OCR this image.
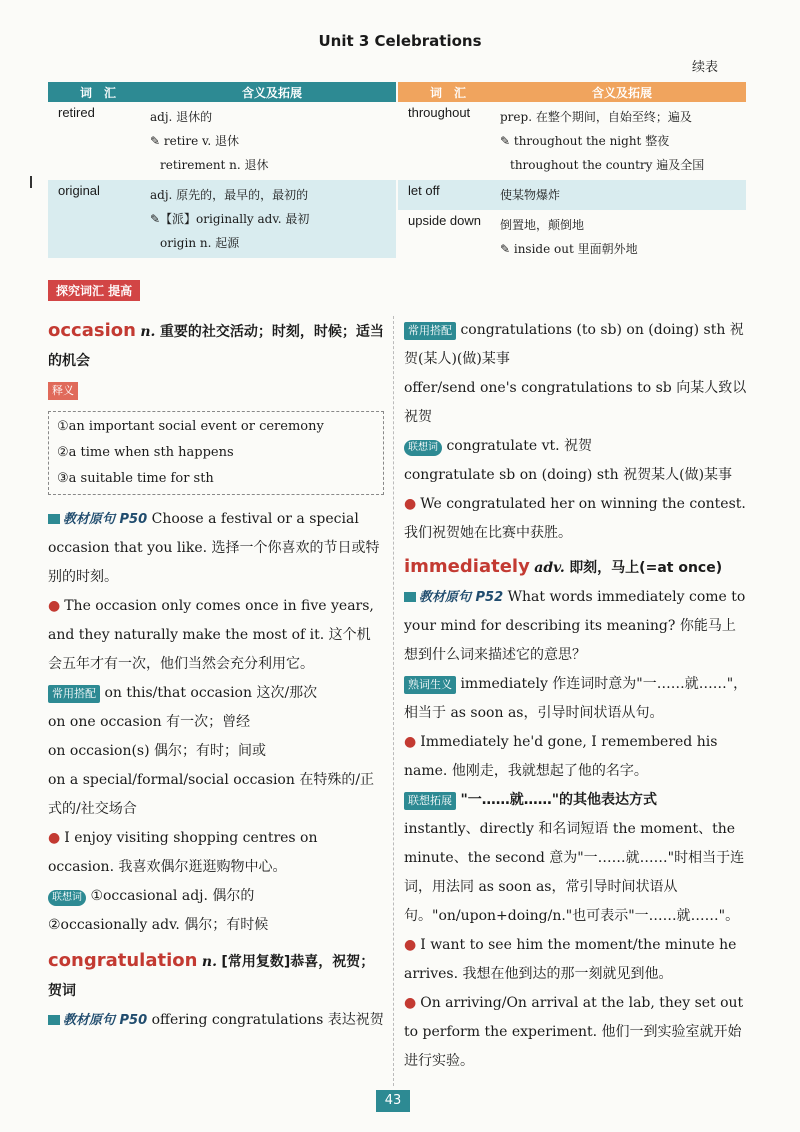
Unit 3 Celebrations
续表
词　汇	含义及拓展
retired	adj. 退休的
✎ retire v. 退休
retirement n. 退休
original	adj. 原先的，最早的，最初的
✎【派】originally adv. 最初
origin n. 起源
词　汇	含义及拓展
throughout	prep. 在整个期间，自始至终；遍及
✎ throughout the night 整夜
throughout the country 遍及全国
let off	使某物爆炸
upside down	倒置地，颠倒地
✎ inside out 里面朝外地
探究词汇 提高
occasion n. 重要的社交活动；时刻，时候；适当的机会
释义
①an important social event or ceremony
②a time when sth happens
③a suitable time for sth
教材原句 P50 Choose a festival or a special occasion that you like. 选择一个你喜欢的节日或特别的时刻。
● The occasion only comes once in five years, and they naturally make the most of it. 这个机会五年才有一次，他们当然会充分利用它。
常用搭配 on this/that occasion 这次/那次
on one occasion 有一次；曾经
on occasion(s) 偶尔；有时；间或
on a special/formal/social occasion 在特殊的/正式的/社交场合
● I enjoy visiting shopping centres on occasion. 我喜欢偶尔逛逛购物中心。
联想词 ①occasional adj. 偶尔的
②occasionally adv. 偶尔；有时候
congratulation n. [常用复数]恭喜，祝贺；贺词
教材原句 P50 offering congratulations 表达祝贺
常用搭配 congratulations (to sb) on (doing) sth 祝贺(某人)(做)某事
offer/send one's congratulations to sb 向某人致以祝贺
联想词 congratulate vt. 祝贺
congratulate sb on (doing) sth 祝贺某人(做)某事
● We congratulated her on winning the contest. 我们祝贺她在比赛中获胜。
immediately adv. 即刻，马上(=at once)
教材原句 P52 What words immediately come to your mind for describing its meaning? 你能马上想到什么词来描述它的意思？
熟词生义 immediately 作连词时意为"一……就……"，相当于 as soon as，引导时间状语从句。
● Immediately he'd gone, I remembered his name. 他刚走，我就想起了他的名字。
联想拓展 "一……就……"的其他表达方式
instantly、directly 和名词短语 the moment、the minute、the second 意为"一……就……"时相当于连词，用法同 as soon as，常引导时间状语从句。"on/upon+doing/n."也可表示"一……就……"。
● I want to see him the moment/the minute he arrives. 我想在他到达的那一刻就见到他。
● On arriving/On arrival at the lab, they set out to perform the experiment. 他们一到实验室就开始进行实验。
43
